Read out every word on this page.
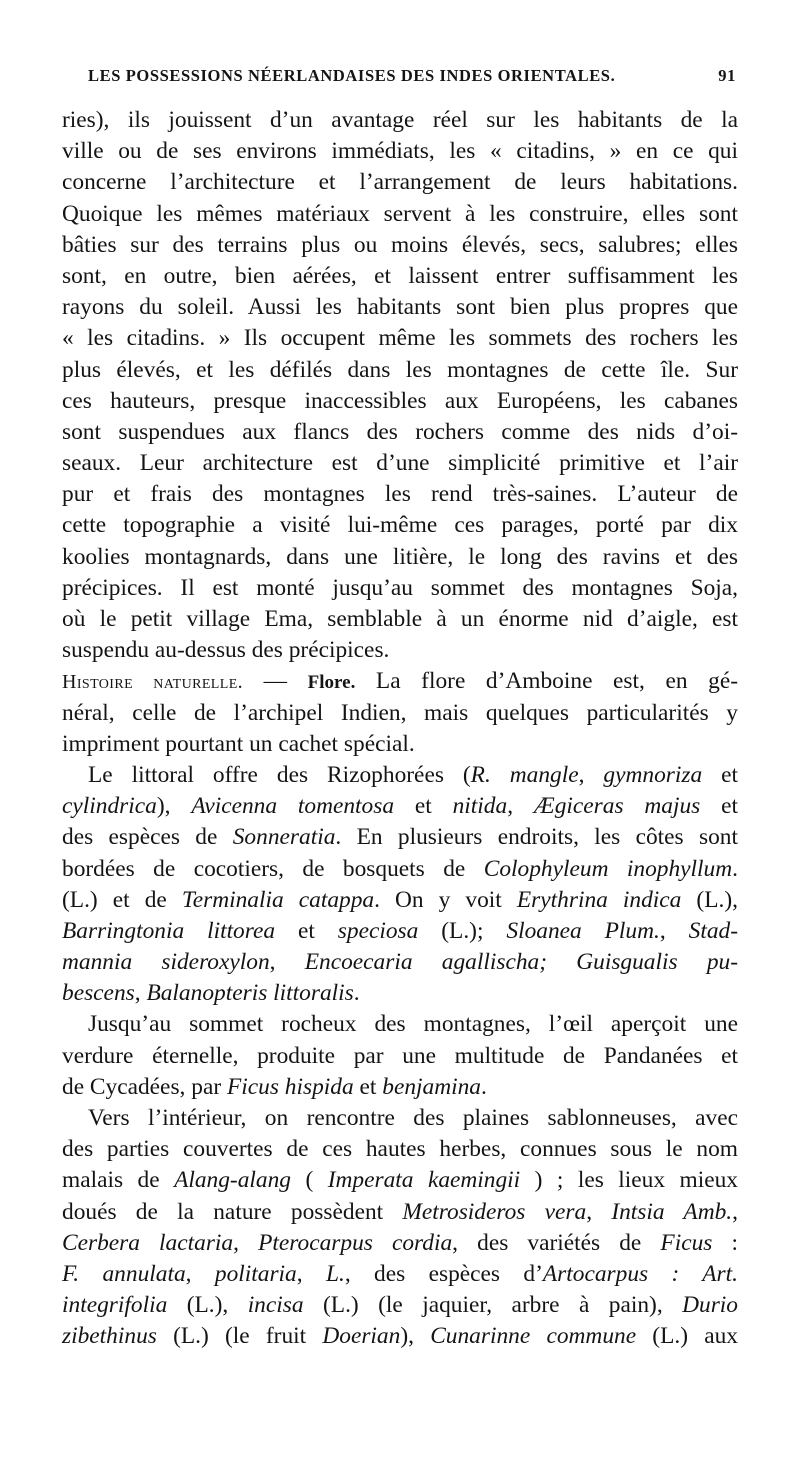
LES POSSESSIONS NÉERLANDAISES DES INDES ORIENTALES.	91
ries), ils jouissent d’un avantage réel sur les habitants de la
ville ou de ses environs immédiats, les « citadins, » en ce qui
concerne l’architecture et l’arrangement de leurs habitations.
Quoique les mêmes matériaux servent à les construire, elles sont
bâties sur des terrains plus ou moins élevés, secs, salubres; elles
sont, en outre, bien aérées, et laissent entrer suffisamment les
rayons du soleil. Aussi les habitants sont bien plus propres que
« les citadins. » Ils occupent même les sommets des rochers les
plus élevés, et les défilés dans les montagnes de cette île. Sur
ces hauteurs, presque inaccessibles aux Européens, les cabanes
sont suspendues aux flancs des rochers comme des nids d’oi-
seaux. Leur architecture est d’une simplicité primitive et l’air
pur et frais des montagnes les rend très-saines. L’auteur de
cette topographie a visité lui-même ces parages, porté par dix
koolies montagnards, dans une litière, le long des ravins et des
précipices. Il est monté jusqu’au sommet des montagnes Soja,
où le petit village Ema, semblable à un énorme nid d’aigle, est
suspendu au-dessus des précipices.
Histoire naturelle. — Flore. La flore d’Amboine est, en gé-
néral, celle de l’archipel Indien, mais quelques particularités y
impriment pourtant un cachet spécial.
Le littoral offre des Rizophorées (R. mangle, gymnoriza et
cylindrica), Avicenna tomentosa et nitida, Ægiceras majus et
des espèces de Sonneratia. En plusieurs endroits, les côtes sont
bordées de cocotiers, de bosquets de Colophyleum inophyllum.
(L.) et de Terminalia catappa. On y voit Erythrina indica (L.),
Barringtonia littorea et speciosa (L.); Sloanea Plum., Stad-
mannia sideroxylon, Encoecaria agallischa; Guisgualis pu-
bescens, Balanopteris littoralis.
Jusqu’au sommet rocheux des montagnes, l’œil aperçoit une
verdure éternelle, produite par une multitude de Pandanées et
de Cycadées, par Ficus hispida et benjamina.
Vers l’intérieur, on rencontre des plaines sablonneuses, avec
des parties couvertes de ces hautes herbes, connues sous le nom
malais de Alang-alang ( Imperata kaemingii ) ; les lieux mieux
doués de la nature possèdent Metrosideros vera, Intsia Amb.,
Cerbera lactaria, Pterocarpus cordia, des variétés de Ficus :
F. annulata, politaria, L., des espèces d’Artocarpus : Art.
integrifolia (L.), incisa (L.) (le jaquier, arbre à pain), Durio
zibethinus (L.) (le fruit Doerian), Cunarinne commune (L.) aux
